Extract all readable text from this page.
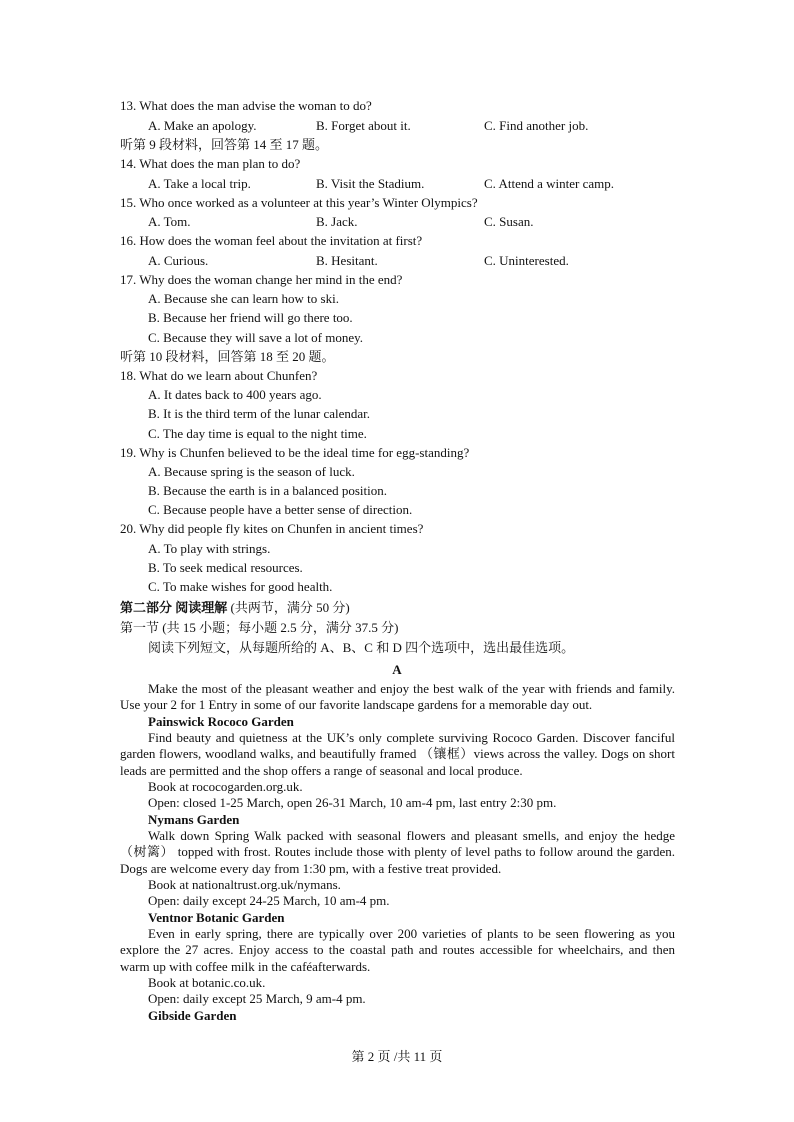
13. What does the man advise the woman to do?
A. Make an apology.	B. Forget about it.	C. Find another job.
听第 9 段材料，回答第 14 至 17 题。
14. What does the man plan to do?
A. Take a local trip.	B. Visit the Stadium.	C. Attend a winter camp.
15. Who once worked as a volunteer at this year’s Winter Olympics?
A. Tom.	B. Jack.	C. Susan.
16. How does the woman feel about the invitation at first?
A. Curious.	B. Hesitant.	C. Uninterested.
17. Why does the woman change her mind in the end?
A. Because she can learn how to ski.
B. Because her friend will go there too.
C. Because they will save a lot of money.
听第 10 段材料，回答第 18 至 20 题。
18. What do we learn about Chunfen?
A. It dates back to 400 years ago.
B. It is the third term of the lunar calendar.
C. The day time is equal to the night time.
19. Why is Chunfen believed to be the ideal time for egg-standing?
A. Because spring is the season of luck.
B. Because the earth is in a balanced position.
C. Because people have a better sense of direction.
20. Why did people fly kites on Chunfen in ancient times?
A. To play with strings.
B. To seek medical resources.
C. To make wishes for good health.
第二部分 阅读理解 (共两节，满分 50 分)
第一节 (共 15 小题；每小题 2.5 分，满分 37.5 分)
阅读下列短文，从每题所给的 A、B、C 和 D 四个选项中，选出最佳选项。
A
Make the most of the pleasant weather and enjoy the best walk of the year with friends and family. Use your 2 for 1 Entry in some of our favorite landscape gardens for a memorable day out.
Painswick Rococo Garden
Find beauty and quietness at the UK’s only complete surviving Rococo Garden. Discover fanciful garden flowers, woodland walks, and beautifully framed （镶框）views across the valley. Dogs on short leads are permitted and the shop offers a range of seasonal and local produce.
Book at rococogarden.org.uk.
Open: closed 1-25 March, open 26-31 March, 10 am-4 pm, last entry 2:30 pm.
Nymans Garden
Walk down Spring Walk packed with seasonal flowers and pleasant smells, and enjoy the hedge （树篱） topped with frost. Routes include those with plenty of level paths to follow around the garden. Dogs are welcome every day from 1:30 pm, with a festive treat provided.
Book at nationaltrust.org.uk/nymans.
Open: daily except 24-25 March, 10 am-4 pm.
Ventnor Botanic Garden
Even in early spring, there are typically over 200 varieties of plants to be seen flowering as you explore the 27 acres. Enjoy access to the coastal path and routes accessible for wheelchairs, and then warm up with coffee milk in the caféafterwards.
Book at botanic.co.uk.
Open: daily except 25 March, 9 am-4 pm.
Gibside Garden
第 2 页 /共 11 页
